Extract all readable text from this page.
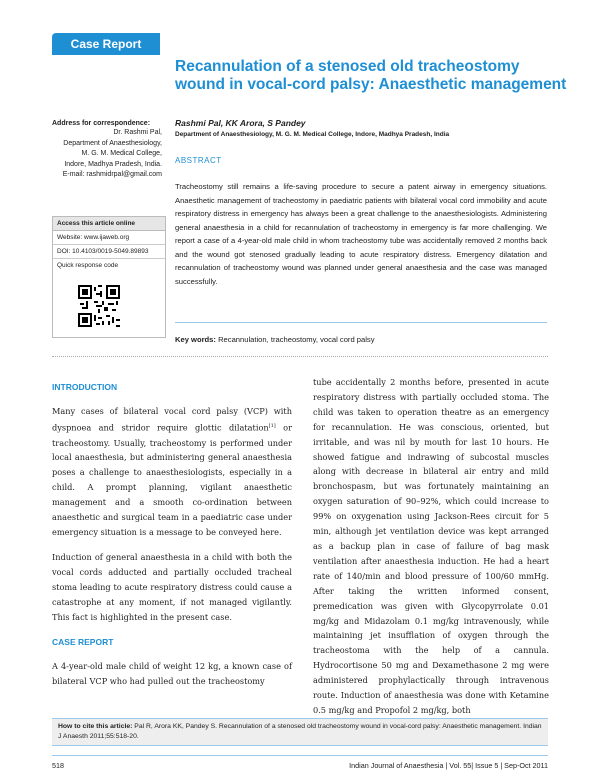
Case Report
Recannulation of a stenosed old tracheostomy
wound in vocal-cord palsy: Anaesthetic management
Address for correspondence:
Dr. Rashmi Pal,
Department of Anaesthesiology,
M. G. M. Medical College,
Indore, Madhya Pradesh, India.
E-mail: rashmidrpal@gmail.com
Access this article online
Website: www.ijaweb.org
DOI: 10.4103/0019-5049.89893
Quick response code
Rashmi Pal, KK Arora, S Pandey
Department of Anaesthesiology, M. G. M. Medical College, Indore, Madhya Pradesh, India
ABSTRACT
Tracheostomy still remains a life-saving procedure to secure a patent airway in emergency situations. Anaesthetic management of tracheostomy in paediatric patients with bilateral vocal cord immobility and acute respiratory distress in emergency has always been a great challenge to the anaesthesiologists. Administering general anaesthesia in a child for recannulation of tracheostomy in emergency is far more challenging. We report a case of a 4-year-old male child in whom tracheostomy tube was accidentally removed 2 months back and the wound got stenosed gradually leading to acute respiratory distress. Emergency dilatation and recannulation of tracheostomy wound was planned under general anaesthesia and the case was managed successfully.
Key words: Recannulation, tracheostomy, vocal cord palsy
INTRODUCTION
Many cases of bilateral vocal cord palsy (VCP) with dyspnoea and stridor require glottic dilatation[1] or tracheostomy. Usually, tracheostomy is performed under local anaesthesia, but administering general anaesthesia poses a challenge to anaesthesiologists, especially in a child. A prompt planning, vigilant anaesthetic management and a smooth co-ordination between anaesthetic and surgical team in a paediatric case under emergency situation is a message to be conveyed here.
Induction of general anaesthesia in a child with both the vocal cords adducted and partially occluded tracheal stoma leading to acute respiratory distress could cause a catastrophe at any moment, if not managed vigilantly. This fact is highlighted in the present case.
CASE REPORT
A 4-year-old male child of weight 12 kg, a known case of bilateral VCP who had pulled out the tracheostomy
tube accidentally 2 months before, presented in acute respiratory distress with partially occluded stoma. The child was taken to operation theatre as an emergency for recannulation. He was conscious, oriented, but irritable, and was nil by mouth for last 10 hours. He showed fatigue and indrawing of subcostal muscles along with decrease in bilateral air entry and mild bronchospasm, but was fortunately maintaining an oxygen saturation of 90–92%, which could increase to 99% on oxygenation using Jackson-Rees circuit for 5 min, although jet ventilation device was kept arranged as a backup plan in case of failure of bag mask ventilation after anaesthesia induction. He had a heart rate of 140/min and blood pressure of 100/60 mmHg. After taking the written informed consent, premedication was given with Glycopyrrolate 0.01 mg/kg and Midazolam 0.1 mg/kg intravenously, while maintaining jet insufflation of oxygen through the tracheostoma with the help of a cannula. Hydrocortisone 50 mg and Dexamethasone 2 mg were administered prophylactically through intravenous route. Induction of anaesthesia was done with Ketamine 0.5 mg/kg and Propofol 2 mg/kg, both
How to cite this article: Pal R, Arora KK, Pandey S. Recannulation of a stenosed old tracheostomy wound in vocal-cord palsy: Anaesthetic management. Indian J Anaesth 2011;55:518-20.
518	Indian Journal of Anaesthesia | Vol. 55| Issue 5 | Sep-Oct 2011
